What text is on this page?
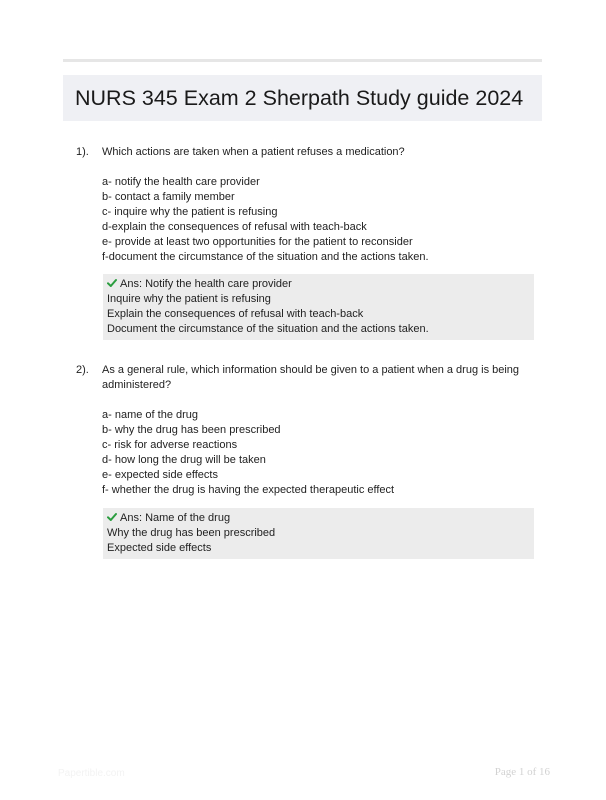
NURS 345 Exam 2 Sherpath Study guide 2024
1). Which actions are taken when a patient refuses a medication?

a- notify the health care provider
b- contact a family member
c- inquire why the patient is refusing
d-explain the consequences of refusal with teach-back
e- provide at least two opportunities for the patient to reconsider
f-document the circumstance of the situation and the actions taken.
Ans: Notify the health care provider
Inquire why the patient is refusing
Explain the consequences of refusal with teach-back
Document the circumstance of the situation and the actions taken.
2). As a general rule, which information should be given to a patient when a drug is being administered?

a- name of the drug
b- why the drug has been prescribed
c- risk for adverse reactions
d- how long the drug will be taken
e- expected side effects
f- whether the drug is having the expected therapeutic effect
Ans: Name of the drug
Why the drug has been prescribed
Expected side effects
Papertible.com	Page 1 of 16
